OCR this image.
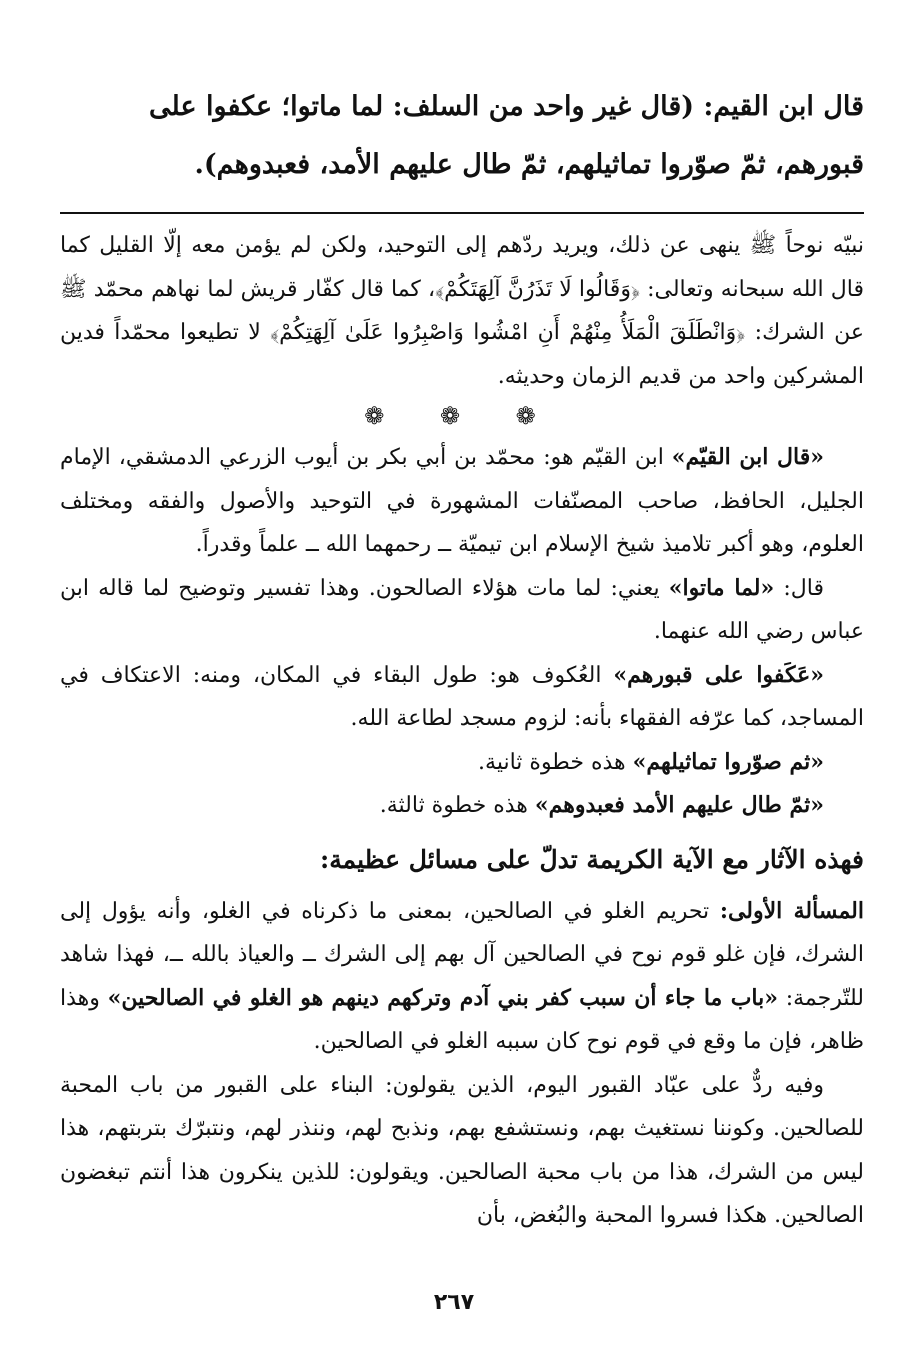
قال ابن القيم: (قال غير واحد من السلف: لما ماتوا؛ عكفوا على
قبورهم، ثمّ صوّروا تماثيلهم، ثمّ طال عليهم الأمد، فعبدوهم).

نبيّه نوحاً ﷺ ينهى عن ذلك، ويريد ردّهم إلى التوحيد، ولكن لم يؤمن معه إلّا القليل كما قال الله سبحانه وتعالى: ﴿وَقَالُوا لَا تَذَرُنَّ آلِهَتَكُمْ﴾، كما قال كفّار قريش لما نهاهم محمّد ﷺ عن الشرك: ﴿وَانْطَلَقَ الْمَلَأُ مِنْهُمْ أَنِ امْشُوا وَاصْبِرُوا عَلَىٰ آلِهَتِكُمْ﴾ لا تطيعوا محمّداً فدين المشركين واحد من قديم الزمان وحديثه.

❁ ❁ ❁

«قال ابن القيّم» ابن القيّم هو: محمّد بن أبي بكر بن أيوب الزرعي الدمشقي، الإمام الجليل، الحافظ، صاحب المصنّفات المشهورة في التوحيد والأصول والفقه ومختلف العلوم، وهو أكبر تلاميذ شيخ الإسلام ابن تيميّة ــ رحمهما الله ــ علماً وقدراً.

قال: «لما ماتوا» يعني: لما مات هؤلاء الصالحون. وهذا تفسير وتوضيح لما قاله ابن عباس رضي الله عنهما.

«عَكَفوا على قبورهم» العُكوف هو: طول البقاء في المكان، ومنه: الاعتكاف في المساجد، كما عرّفه الفقهاء بأنه: لزوم مسجد لطاعة الله.

«ثم صوّروا تماثيلهم» هذه خطوة ثانية.

«ثمّ طال عليهم الأمد فعبدوهم» هذه خطوة ثالثة.

فهذه الآثار مع الآية الكريمة تدلّ على مسائل عظيمة:

المسألة الأولى: تحريم الغلو في الصالحين، بمعنى ما ذكرناه في الغلو، وأنه يؤول إلى الشرك، فإن غلو قوم نوح في الصالحين آل بهم إلى الشرك ــ والعياذ بالله ــ، فهذا شاهد للتّرجمة: «باب ما جاء أن سبب كفر بني آدم وتركهم دينهم هو الغلو في الصالحين» وهذا ظاهر، فإن ما وقع في قوم نوح كان سببه الغلو في الصالحين.

وفيه ردٌّ على عبّاد القبور اليوم، الذين يقولون: البناء على القبور من باب المحبة للصالحين. وكوننا نستغيث بهم، ونستشفع بهم، ونذبح لهم، وننذر لهم، ونتبرّك بتربتهم، هذا ليس من الشرك، هذا من باب محبة الصالحين. ويقولون: للذين ينكرون هذا أنتم تبغضون الصالحين. هكذا فسروا المحبة والبُغض، بأن

٢٦٧
